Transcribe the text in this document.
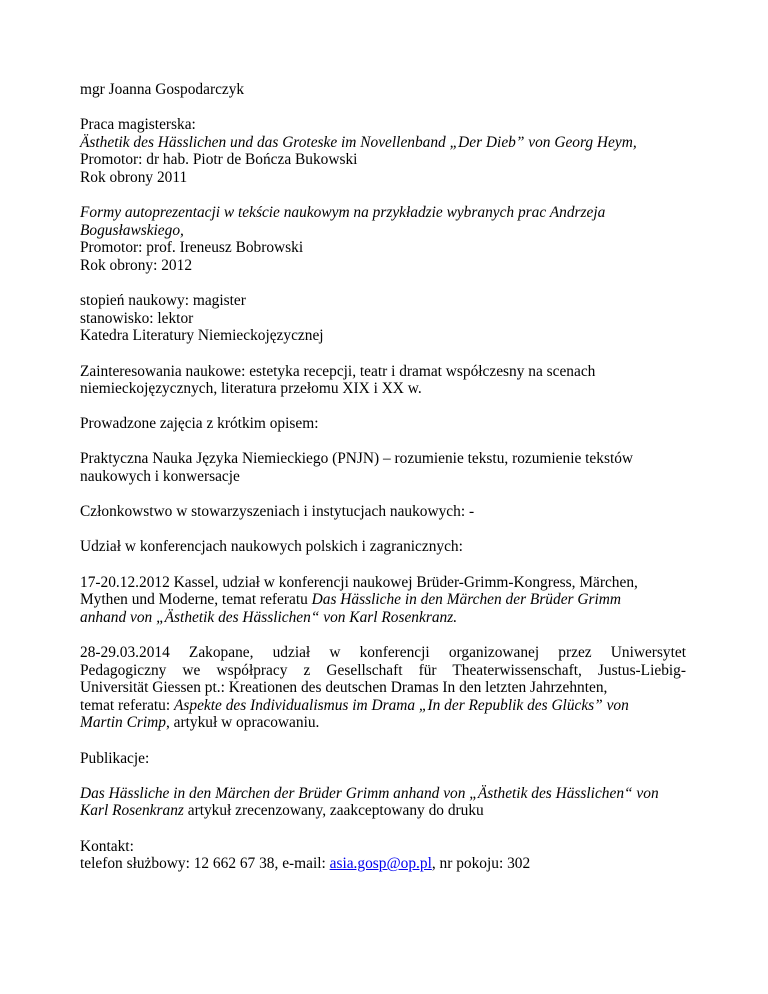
mgr Joanna Gospodarczyk
Praca magisterska:
Ästhetik des Hässlichen und das Groteske im Novellenband „Der Dieb” von Georg Heym,
Promotor: dr hab. Piotr de Bończa Bukowski
Rok obrony 2011
Formy autoprezentacji w tekście naukowym na przykładzie wybranych prac Andrzeja
Bogusławskiego,
Promotor: prof. Ireneusz Bobrowski
Rok obrony: 2012
stopień naukowy: magister
stanowisko: lektor
Katedra Literatury Niemieckojęzycznej
Zainteresowania naukowe: estetyka recepcji, teatr i dramat współczesny na scenach
niemieckojęzycznych, literatura przełomu XIX i XX w.
Prowadzone zajęcia z krótkim opisem:
Praktyczna Nauka Języka Niemieckiego (PNJN) – rozumienie tekstu, rozumienie tekstów
naukowych i konwersacje
Członkowstwo w stowarzyszeniach i instytucjach naukowych: -
Udział w konferencjach naukowych polskich i zagranicznych:
17-20.12.2012 Kassel, udział w konferencji naukowej Brüder-Grimm-Kongress, Märchen,
Mythen und Moderne, temat referatu Das Hässliche in den Märchen der Brüder Grimm
anhand von „Ästhetik des Hässlichen“ von Karl Rosenkranz.
28-29.03.2014 Zakopane, udział w konferencji organizowanej przez Uniwersytet
Pedagogiczny we współpracy z Gesellschaft für Theaterwissenschaft, Justus-Liebig-
Universität Giessen pt.: Kreationen des deutschen Dramas In den letzten Jahrzehnten,
temat referatu: Aspekte des Individualismus im Drama „In der Republik des Glücks” von
Martin Crimp, artykuł w opracowaniu.
Publikacje:
Das Hässliche in den Märchen der Brüder Grimm anhand von „Ästhetik des Hässlichen“ von
Karl Rosenkranz artykuł zrecenzowany, zaakceptowany do druku
Kontakt:
telefon służbowy: 12 662 67 38, e-mail: asia.gosp@op.pl, nr pokoju: 302
